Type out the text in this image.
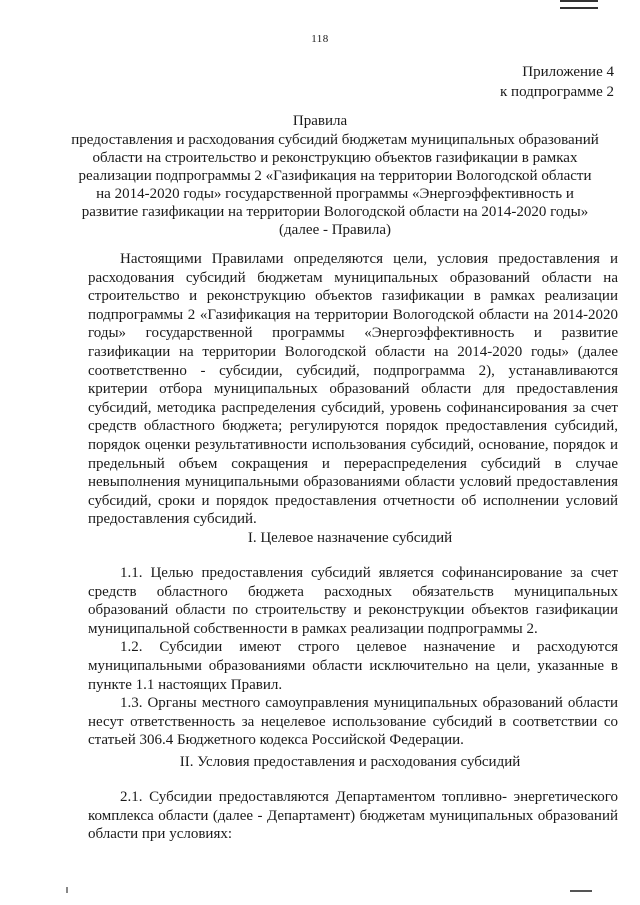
118
Приложение 4
к подпрограмме 2
Правила
предоставления и расходования субсидий бюджетам муниципальных образований
области на строительство и реконструкцию объектов газификации в рамках
реализации подпрограммы 2 «Газификация на территории Вологодской области
на 2014-2020 годы» государственной программы «Энергоэффективность и
развитие газификации на территории Вологодской области на 2014-2020 годы»
(далее - Правила)

Настоящими Правилами определяются цели, условия предоставления и расходования субсидий бюджетам муниципальных образований области на строительство и реконструкцию объектов газификации в рамках реализации подпрограммы 2 «Газификация на территории Вологодской области на 2014-2020 годы» государственной программы «Энергоэффективность и развитие газификации на территории Вологодской области на 2014-2020 годы» (далее соответственно - субсидии, субсидий, подпрограмма 2), устанавливаются критерии отбора муниципальных образований области для предоставления субсидий, методика распределения субсидий, уровень софинансирования за счет средств областного бюджета; регулируются порядок предоставления субсидий, порядок оценки результативности использования субсидий, основание, порядок и предельный объем сокращения и перераспределения субсидий в случае невыполнения муниципальными образованиями области условий предоставления субсидий, сроки и порядок предоставления отчетности об исполнении условий предоставления субсидий.

I. Целевое назначение субсидий

1.1. Целью предоставления субсидий является софинансирование за счет средств областного бюджета расходных обязательств муниципальных образований области по строительству и реконструкции объектов газификации муниципальной собственности в рамках реализации подпрограммы 2.

1.2. Субсидии имеют строго целевое назначение и расходуются муниципальными образованиями области исключительно на цели, указанные в пункте 1.1 настоящих Правил.

1.3. Органы местного самоуправления муниципальных образований области несут ответственность за нецелевое использование субсидий в соответствии со статьей 306.4 Бюджетного кодекса Российской Федерации.

II. Условия предоставления и расходования субсидий

2.1. Субсидии предоставляются Департаментом топливно- энергетического комплекса области (далее - Департамент) бюджетам муниципальных образований области при условиях:
